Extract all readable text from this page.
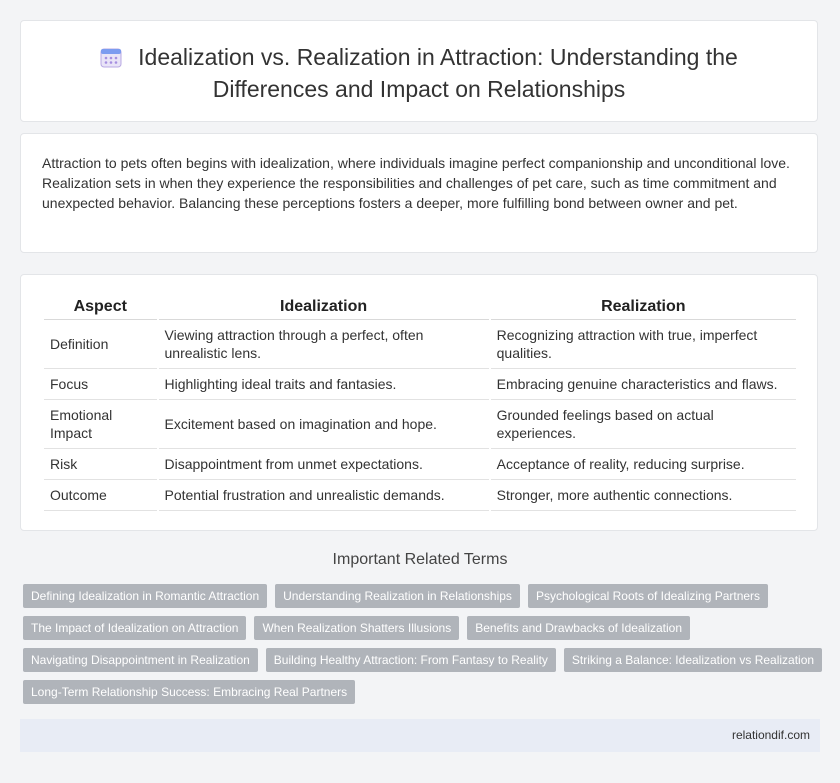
Idealization vs. Realization in Attraction: Understanding the Differences and Impact on Relationships

Attraction to pets often begins with idealization, where individuals imagine perfect companionship and unconditional love. Realization sets in when they experience the responsibilities and challenges of pet care, such as time commitment and unexpected behavior. Balancing these perceptions fosters a deeper, more fulfilling bond between owner and pet.

Aspect	Idealization	Realization
Definition	Viewing attraction through a perfect, often unrealistic lens.	Recognizing attraction with true, imperfect qualities.
Focus	Highlighting ideal traits and fantasies.	Embracing genuine characteristics and flaws.
Emotional Impact	Excitement based on imagination and hope.	Grounded feelings based on actual experiences.
Risk	Disappointment from unmet expectations.	Acceptance of reality, reducing surprise.
Outcome	Potential frustration and unrealistic demands.	Stronger, more authentic connections.
Important Related Terms
Defining Idealization in Romantic Attraction	Understanding Realization in Relationships	Psychological Roots of Idealizing Partners
The Impact of Idealization on Attraction	When Realization Shatters Illusions	Benefits and Drawbacks of Idealization
Navigating Disappointment in Realization	Building Healthy Attraction: From Fantasy to Reality	Striking a Balance: Idealization vs Realization
Long-Term Relationship Success: Embracing Real Partners
relationdif.com
